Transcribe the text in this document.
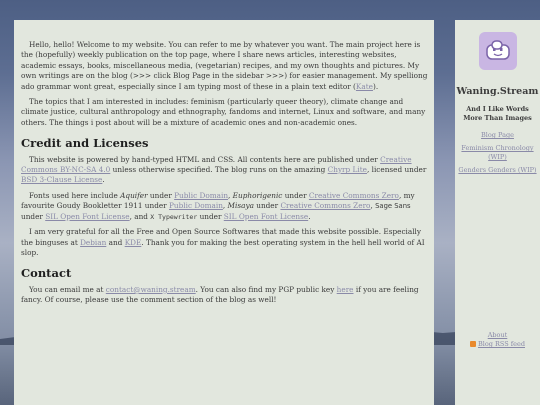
Hello, hello! Welcome to my website. You can refer to me by whatever you want. The main project here is the (hopefully) weekly publication on the top page, where I share news articles, interesting websites, academic essays, books, miscellaneous media, (vegetarian) recipes, and my own thoughts and pictures. My own writings are on the blog (>>> click Blog Page in the sidebar >>>) for easier management. My spelliong ado grammar wont great, especially since I am typing most of these in a plain text editor (Kate).

The topics that I am interested in includes: feminism (particularly queer theory), climate change and climate justice, cultural anthropology and ethnography, fandoms and internet, Linux and software, and many others. The things i post about will be a mixture of academic ones and non-academic ones.

Credit and Licenses

This website is powered by hand-typed HTML and CSS. All contents here are published under Creative Commons BY-NC-SA 4.0 unless otherwise specified. The blog runs on the amazing Chyrp Lite, licensed under BSD 3-Clause License.

Fonts used here include Aquifer under Public Domain, Euphorigenic under Creative Commons Zero, my favourite Goudy Bookletter 1911 under Public Domain, Misaya under Creative Commons Zero, Sage Sans under SIL Open Font License, and X Typewriter under SIL Open Font License.

I am very grateful for all the Free and Open Source Softwares that made this website possible. Especially the binguses at Debian and KDE. Thank you for making the best operating system in the hell hell world of AI slop.

Contact

You can email me at contact@waning.stream. You can also find my PGP public key here if you are feeling fancy. Of course, please use the comment section of the blog as well!

Waning.Stream
And I Like Words More Than Images
Blog Page
Feminism Chronology (WIP)
Genders Genders (WIP)
About
Blog RSS feed
